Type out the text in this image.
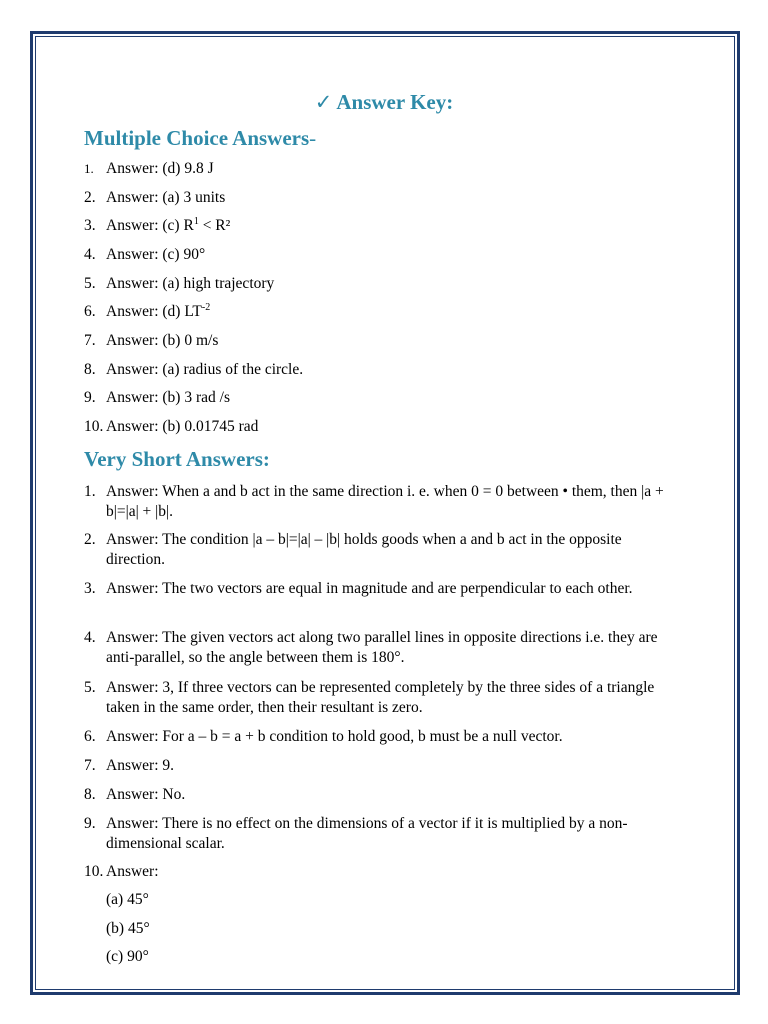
✓ Answer Key:
Multiple Choice Answers-
1. Answer: (d) 9.8 J
2. Answer: (a) 3 units
3. Answer: (c) $R^1 < R^2$
4. Answer: (c) 90°
5. Answer: (a) high trajectory
6. Answer: (d) $LT^{-2}$
7. Answer: (b) 0 m/s
8. Answer: (a) radius of the circle.
9. Answer: (b) 3 rad /s
10. Answer: (b) 0.01745 rad
Very Short Answers:
1. Answer: When a and b act in the same direction i. e. when 0 = 0 between • them, then |a + b|=|a| + |b|.
2. Answer: The condition |a – b|=|a| – |b| holds goods when a and b act in the opposite direction.
3. Answer: The two vectors are equal in magnitude and are perpendicular to each other.
4. Answer: The given vectors act along two parallel lines in opposite directions i.e. they are anti-parallel, so the angle between them is 180°.
5. Answer: 3, If three vectors can be represented completely by the three sides of a triangle taken in the same order, then their resultant is zero.
6. Answer: For a – b = a + b condition to hold good, b must be a null vector.
7. Answer: 9.
8. Answer: No.
9. Answer: There is no effect on the dimensions of a vector if it is multiplied by a non-dimensional scalar.
10. Answer:
(a) 45°
(b) 45°
(c) 90°
